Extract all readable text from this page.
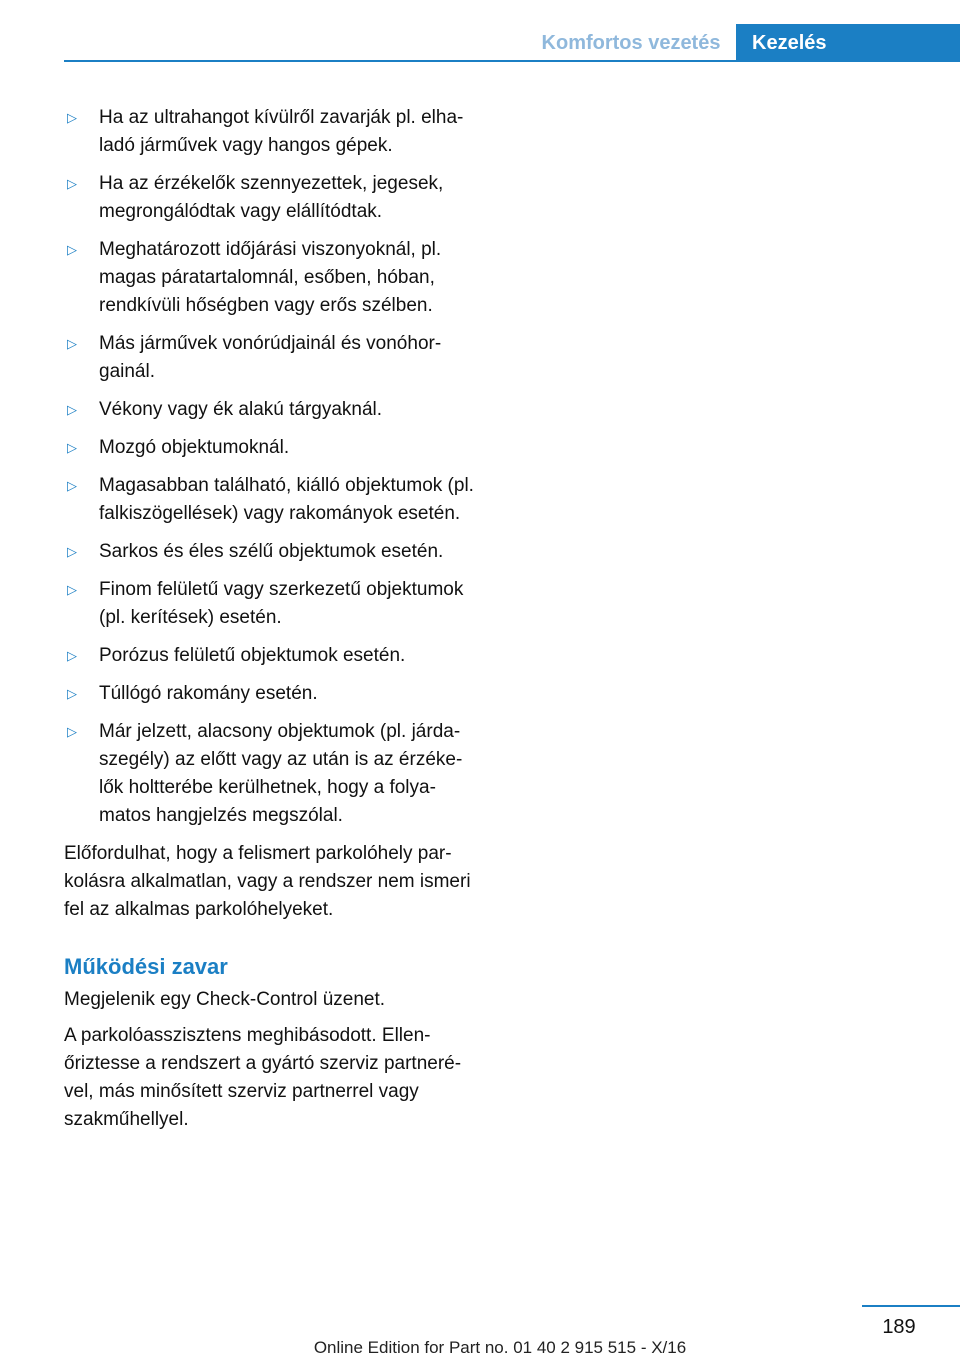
Komfortos vezetés	Kezelés
▷ Ha az ultrahangot kívülről zavarják pl. elhaladó járművek vagy hangos gépek.
▷ Ha az érzékelők szennyezettek, jegesek, megrongálódtak vagy elállítódtak.
▷ Meghatározott időjárási viszonyoknál, pl. magas páratartalomnál, esőben, hóban, rendkívüli hőségben vagy erős szélben.
▷ Más járművek vonórúdjainál és vonóhorgainál.
▷ Vékony vagy ék alakú tárgyaknál.
▷ Mozgó objektumoknál.
▷ Magasabban található, kiálló objektumok (pl. falkiszögellések) vagy rakományok esetén.
▷ Sarkos és éles szélű objektumok esetén.
▷ Finom felületű vagy szerkezetű objektumok (pl. kerítések) esetén.
▷ Porózus felületű objektumok esetén.
▷ Túllógó rakomány esetén.
▷ Már jelzett, alacsony objektumok (pl. járdaszegély) az előtt vagy az után is az érzékelők holtterébe kerülhetnek, hogy a folyamatos hangjelzés megszólal.

Előfordulhat, hogy a felismert parkolóhely parkolásra alkalmatlan, vagy a rendszer nem ismeri fel az alkalmas parkolóhelyeket.

Működési zavar

Megjelenik egy Check-Control üzenet.

A parkolóasszisztens meghibásodott. Ellenőriztesse a rendszert a gyártó szerviz partnerével, más minősített szerviz partnerrel vagy szakműhellyel.

189
Online Edition for Part no. 01 40 2 915 515 - X/16
